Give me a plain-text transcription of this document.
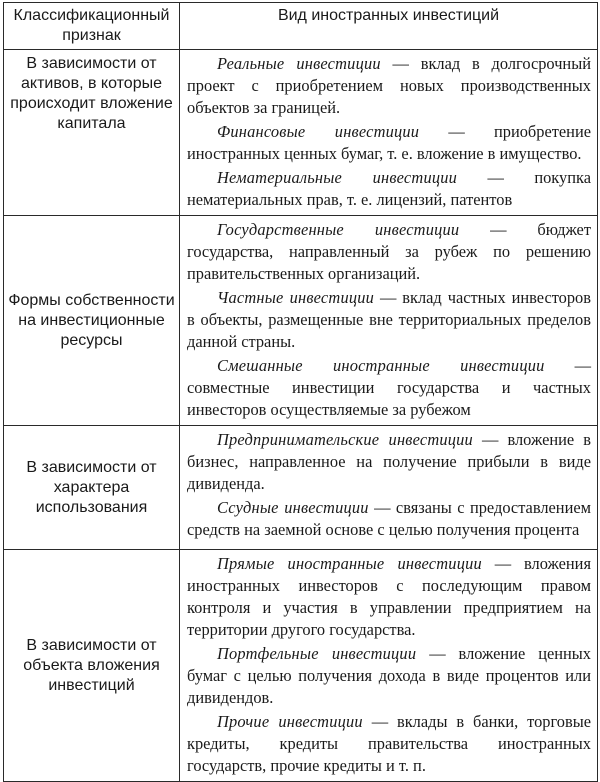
Классификационный признак	Вид иностранных инвестиций
В зависимости от активов, в которые происходит вложение капитала	Реальные инвестиции — вклад в долгосрочный проект с приобретением новых производственных объектов за границей.

Финансовые инвестиции — приобретение иностранных ценных бумаг, т. е. вложение в имущество.

Нематериальные инвестиции — покупка нематериальных прав, т. е. лицензий, патентов

Формы собственности на инвестиционные ресурсы	Государственные инвестиции — бюджет государства, направленный за рубеж по решению правительственных организаций.

Частные инвестиции — вклад частных инвесторов в объекты, размещенные вне территориальных пределов данной страны.

Смешанные иностранные инвестиции — совместные инвестиции государства и частных инвесторов осуществляемые за рубежом

В зависимости от характера использования	Предпринимательские инвестиции — вложение в бизнес, направленное на получение прибыли в виде дивиденда.

Ссудные инвестиции — связаны с предоставлением средств на заемной основе с целью получения процента

В зависимости от объекта вложения инвестиций	Прямые иностранные инвестиции — вложения иностранных инвесторов с последующим правом контроля и участия в управлении предприятием на территории другого государства.

Портфельные инвестиции — вложение ценных бумаг с целью получения дохода в виде процентов или дивидендов.

Прочие инвестиции — вклады в банки, торговые кредиты, кредиты правительства иностранных государств, прочие кредиты и т. п.
